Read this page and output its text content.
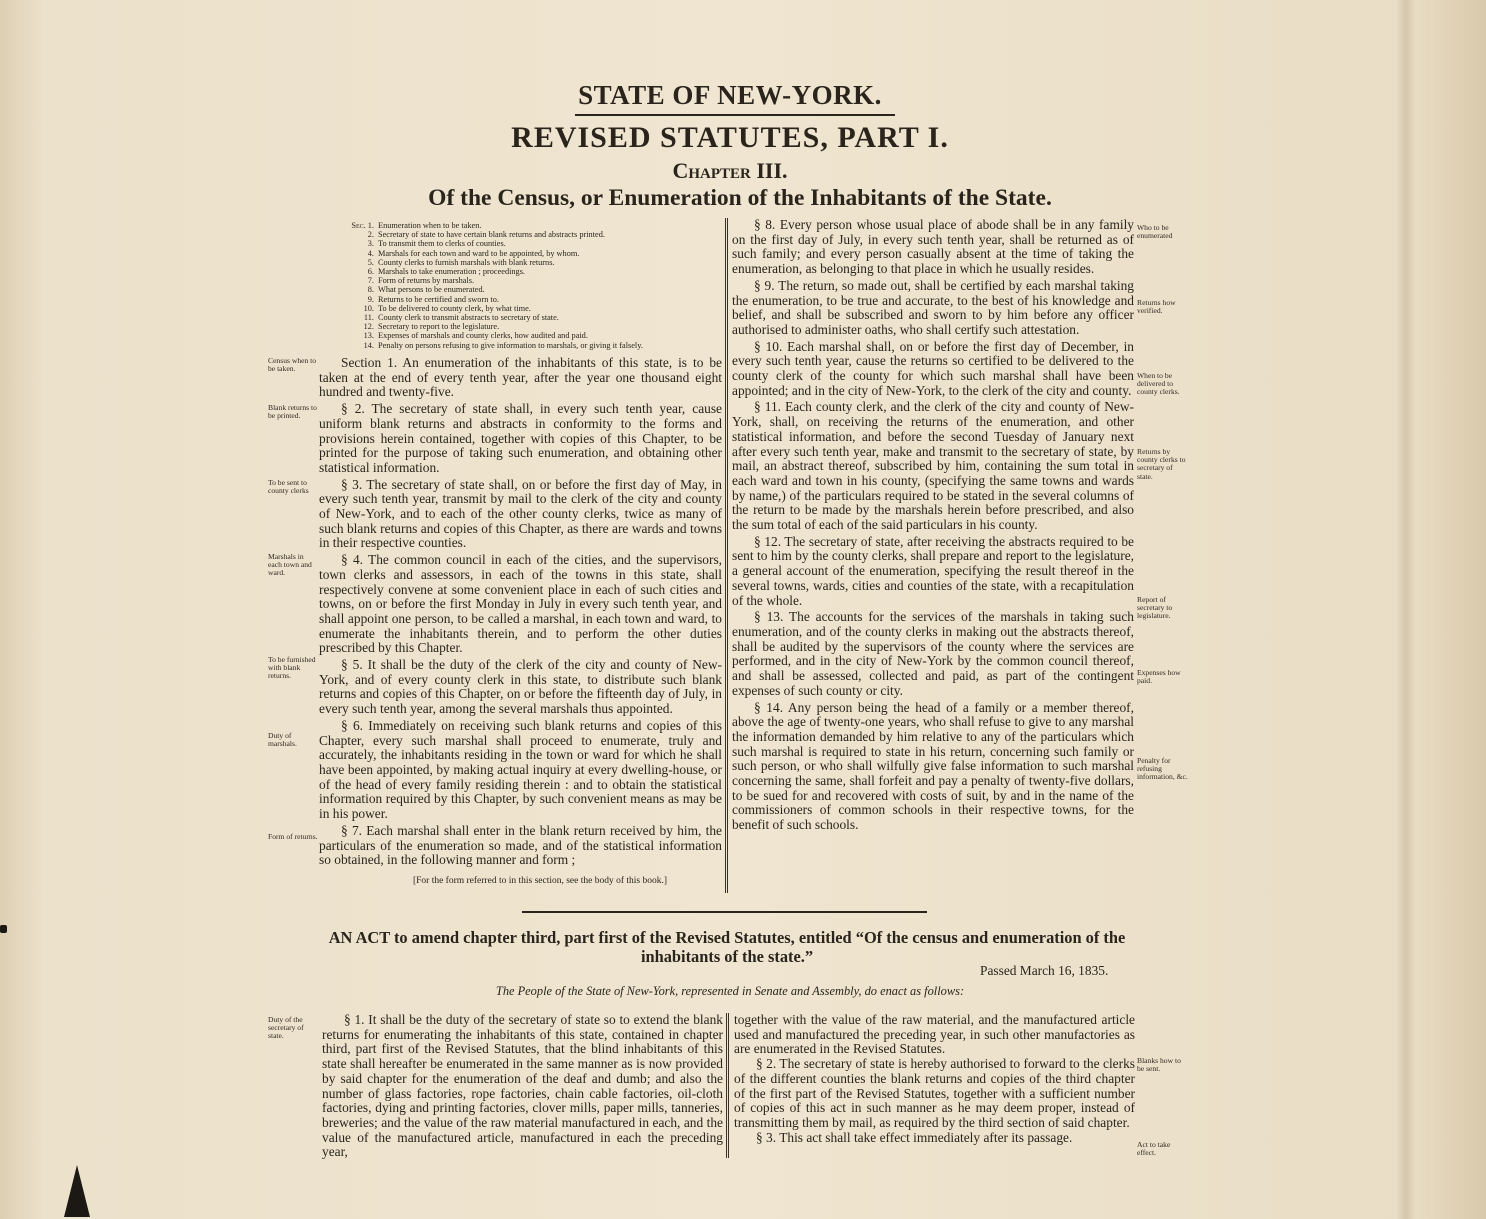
STATE OF NEW-YORK.
REVISED STATUTES, PART I.
Chapter III.
Of the Census, or Enumeration of the Inhabitants of the State.
Sec. 1. Enumeration when to be taken.
2. Secretary of state to have certain blank returns and abstracts printed.
3. To transmit them to clerks of counties.
4. Marshals for each town and ward to be appointed, by whom.
5. County clerks to furnish marshals with blank returns.
6. Marshals to take enumeration ; proceedings.
7. Form of returns by marshals.
8. What persons to be enumerated.
9. Returns to be certified and sworn to.
10. To be delivered to county clerk, by what time.
11. County clerk to transmit abstracts to secretary of state.
12. Secretary to report to the legislature.
13. Expenses of marshals and county clerks, how audited and paid.
14. Penalty on persons refusing to give information to marshals, or giving it falsely.

Section 1. An enumeration of the inhabitants of this state, is to be taken at the end of every tenth year, after the year one thousand eight hundred and twenty-five.

§ 2. The secretary of state shall, in every such tenth year, cause uniform blank returns and abstracts in conformity to the forms and provisions herein contained, together with copies of this Chapter, to be printed for the purpose of taking such enumeration, and obtaining other statistical information.

§ 3. The secretary of state shall, on or before the first day of May, in every such tenth year, transmit by mail to the clerk of the city and county of New-York, and to each of the other county clerks, twice as many of such blank returns and copies of this Chapter, as there are wards and towns in their respective counties.

§ 4. The common council in each of the cities, and the supervisors, town clerks and assessors, in each of the towns in this state, shall respectively convene at some convenient place in each of such cities and towns, on or before the first Monday in July in every such tenth year, and shall appoint one person, to be called a marshal, in each town and ward, to enumerate the inhabitants therein, and to perform the other duties prescribed by this Chapter.

§ 5. It shall be the duty of the clerk of the city and county of New-York, and of every county clerk in this state, to distribute such blank returns and copies of this Chapter, on or before the fifteenth day of July, in every such tenth year, among the several marshals thus appointed.

§ 6. Immediately on receiving such blank returns and copies of this Chapter, every such marshal shall proceed to enumerate, truly and accurately, the inhabitants residing in the town or ward for which he shall have been appointed, by making actual inquiry at every dwelling-house, or of the head of every family residing therein : and to obtain the statistical information required by this Chapter, by such convenient means as may be in his power.

§ 7. Each marshal shall enter in the blank return received by him, the particulars of the enumeration so made, and of the statistical information so obtained, in the following manner and form ;

[For the form referred to in this section, see the body of this book.]

§ 8. Every person whose usual place of abode shall be in any family on the first day of July, in every such tenth year, shall be returned as of such family; and every person casually absent at the time of taking the enumeration, as belonging to that place in which he usually resides.

§ 9. The return, so made out, shall be certified by each marshal taking the enumeration, to be true and accurate, to the best of his knowledge and belief, and shall be subscribed and sworn to by him before any officer authorised to administer oaths, who shall certify such attestation.

§ 10. Each marshal shall, on or before the first day of December, in every such tenth year, cause the returns so certified to be delivered to the county clerk of the county for which such marshal shall have been appointed; and in the city of New-York, to the clerk of the city and county.

§ 11. Each county clerk, and the clerk of the city and county of New-York, shall, on receiving the returns of the enumeration, and other statistical information, and before the second Tuesday of January next after every such tenth year, make and transmit to the secretary of state, by mail, an abstract thereof, subscribed by him, containing the sum total in each ward and town in his county, (specifying the same towns and wards by name,) of the particulars required to be stated in the several columns of the return to be made by the marshals herein before prescribed, and also the sum total of each of the said particulars in his county.

§ 12. The secretary of state, after receiving the abstracts required to be sent to him by the county clerks, shall prepare and report to the legislature, a general account of the enumeration, specifying the result thereof in the several towns, wards, cities and counties of the state, with a recapitulation of the whole.

§ 13. The accounts for the services of the marshals in taking such enumeration, and of the county clerks in making out the abstracts thereof, shall be audited by the supervisors of the county where the services are performed, and in the city of New-York by the common council thereof, and shall be assessed, collected and paid, as part of the contingent expenses of such county or city.

§ 14. Any person being the head of a family or a member thereof, above the age of twenty-one years, who shall refuse to give to any marshal the information demanded by him relative to any of the particulars which such marshal is required to state in his return, concerning such family or such person, or who shall wilfully give false information to such marshal concerning the same, shall forfeit and pay a penalty of twenty-five dollars, to be sued for and recovered with costs of suit, by and in the name of the commissioners of common schools in their respective towns, for the benefit of such schools.

Census when to be taken.
Blank returns to be printed.
To be sent to county clerks
Marshals in each town and ward.
To be furnished with blank returns.
Duty of marshals.
Form of returns.
Who to be enumerated
Returns how verified.
When to be delivered to county clerks.
Returns by county clerks to secretary of state.
Report of secretary to legislature.
Expenses how paid.
Penalty for refusing information, &c.
AN ACT to amend chapter third, part first of the Revised Statutes, entitled “Of the census and enumeration of the inhabitants of the state.”
Passed March 16, 1835.
The People of the State of New-York, represented in Senate and Assembly, do enact as follows:

§ 1. It shall be the duty of the secretary of state so to extend the blank returns for enumerating the inhabitants of this state, contained in chapter third, part first of the Revised Statutes, that the blind inhabitants of this state shall hereafter be enumerated in the same manner as is now provided by said chapter for the enumeration of the deaf and dumb; and also the number of glass factories, rope factories, chain cable factories, oil-cloth factories, dying and printing factories, clover mills, paper mills, tanneries, breweries; and the value of the raw material manufactured in each, and the value of the manufactured article, manufactured in each the preceding year,

together with the value of the raw material, and the manufactured article used and manufactured the preceding year, in such other manufactories as are enumerated in the Revised Statutes.

§ 2. The secretary of state is hereby authorised to forward to the clerks of the different counties the blank returns and copies of the third chapter of the first part of the Revised Statutes, together with a sufficient number of copies of this act in such manner as he may deem proper, instead of transmitting them by mail, as required by the third section of said chapter.

§ 3. This act shall take effect immediately after its passage.

Duty of the secretary of state.
Blanks how to be sent.
Act to take effect.
